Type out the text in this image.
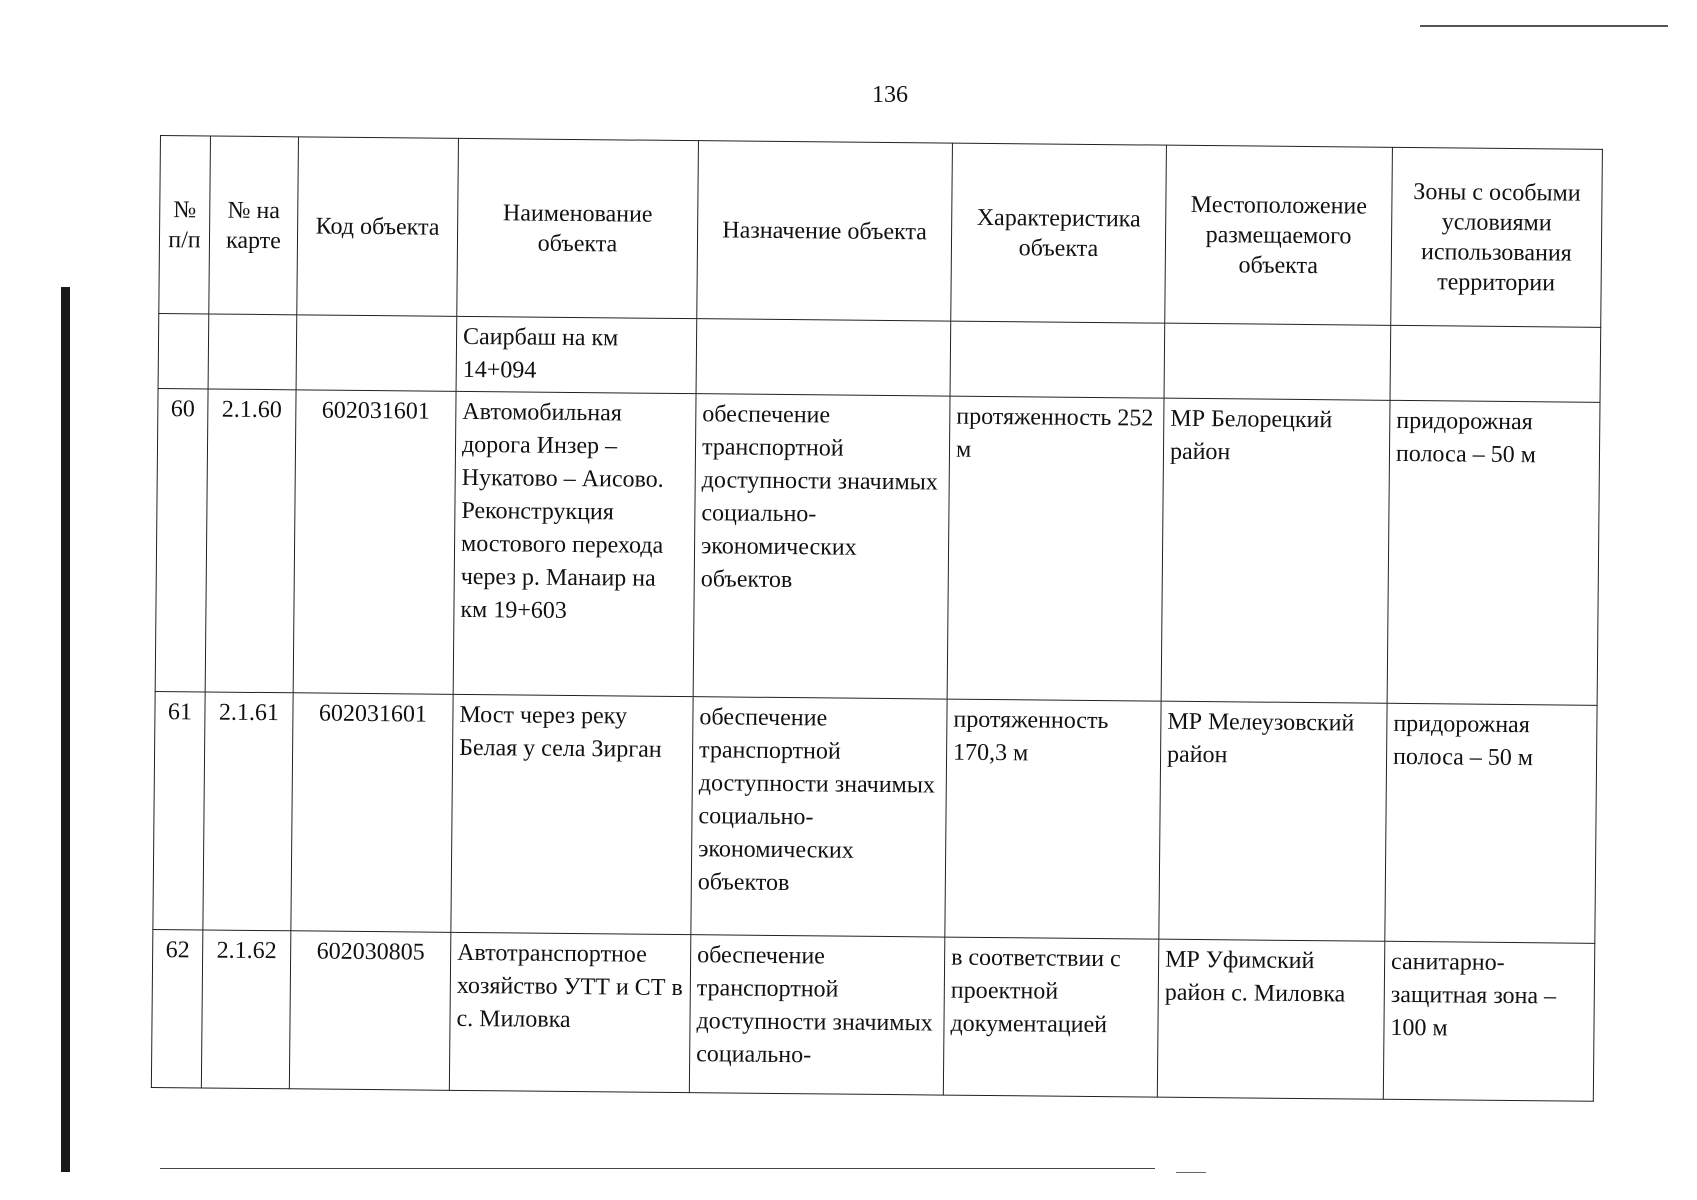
136
№ п/п	№ на карте	Код объекта	Наименование объекта	Назначение объекта	Характеристика объекта	Местоположение размещаемого объекта	Зоны с особыми условиями использования территории
			Саирбаш на км 14+094				
60	2.1.60	602031601	Автомобильная дорога Инзер – Нукатово – Аисово. Реконструкция мостового перехода через р. Манаир на км 19+603	обеспечение транспортной доступности значимых социально-экономических объектов	протяженность 252 м	МР Белорецкий район	придорожная полоса – 50 м
61	2.1.61	602031601	Мост через реку Белая у села Зирган	обеспечение транспортной доступности значимых социально-экономических объектов	протяженность 170,3 м	МР Мелеузовский район	придорожная полоса – 50 м
62	2.1.62	602030805	Автотранспортное хозяйство УТТ и СТ в с. Миловка	обеспечение транспортной доступности значимых социально-	в соответствии с проектной документацией	МР Уфимский район с. Миловка	санитарно-защитная зона – 100 м
